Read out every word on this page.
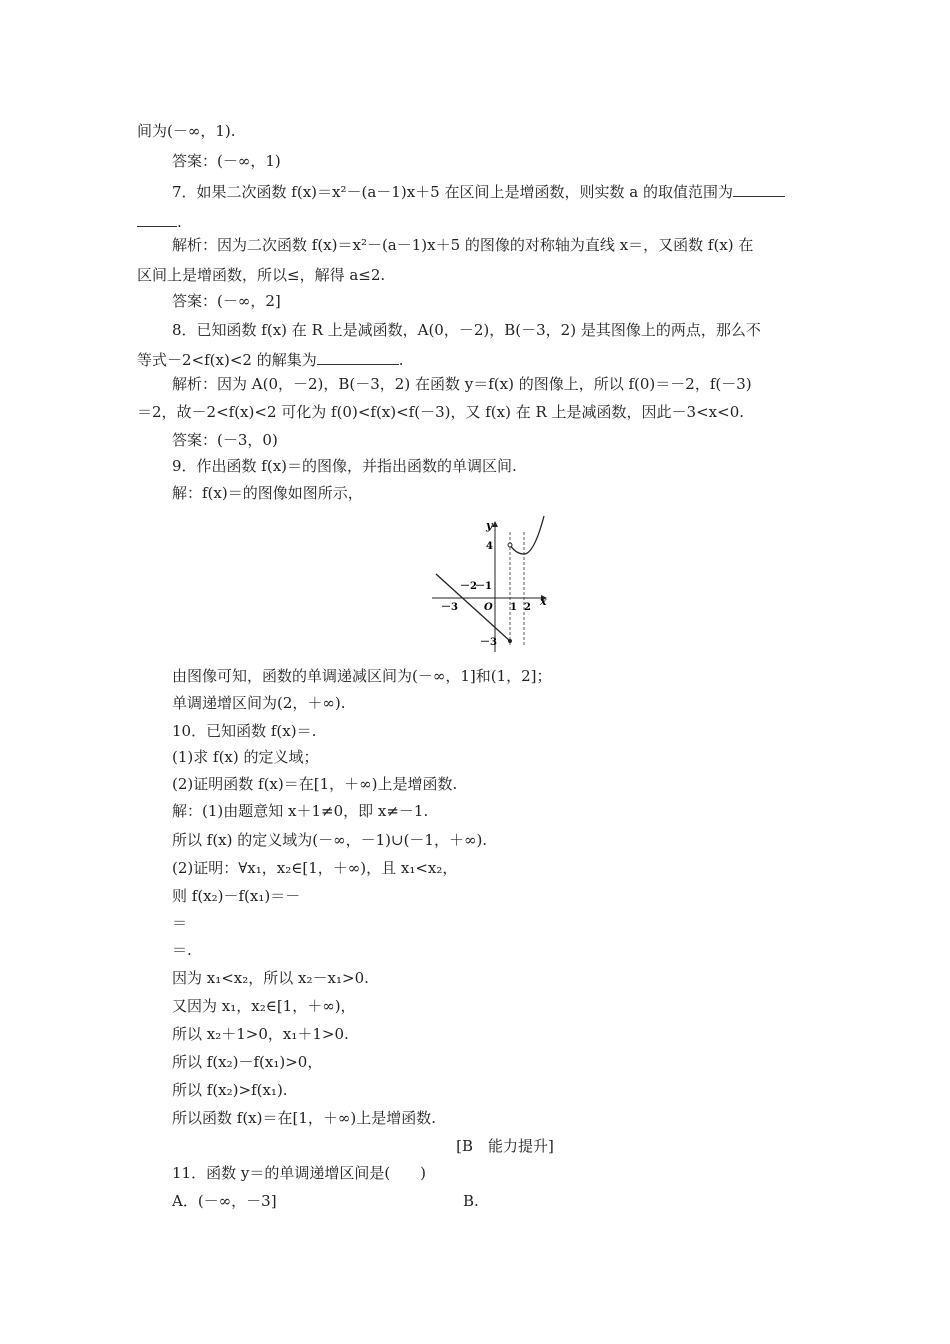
间为(－∞，1).
答案：(－∞，1)
7．如果二次函数 f(x)＝x²－(a－1)x＋5 在区间上是增函数，则实数 a 的取值范围为
.
解析：因为二次函数 f(x)＝x²－(a－1)x＋5 的图像的对称轴为直线 x＝，又函数 f(x) 在
区间上是增函数，所以≤，解得 a≤2.
答案：(－∞，2]
8．已知函数 f(x) 在 R 上是减函数，A(0，－2)，B(－3，2) 是其图像上的两点，那么不
等式－2<f(x)<2 的解集为	.
解析：因为 A(0，－2)，B(－3，2) 在函数 y＝f(x) 的图像上，所以 f(0)＝－2，f(－3)
＝2，故－2<f(x)<2 可化为 f(0)<f(x)<f(－3)，又 f(x) 在 R 上是减函数，因此－3<x<0.
答案：(－3，0)
9．作出函数 f(x)＝的图像，并指出函数的单调区间.
解：f(x)＝的图像如图所示，
y
x
O
4
－3
－3
－2
－1
1 2
由图像可知，函数的单调递减区间为(－∞，1]和(1，2]；
单调递增区间为(2，＋∞).
10．已知函数 f(x)＝.
(1)求 f(x) 的定义域；
(2)证明函数 f(x)＝在[1，＋∞)上是增函数.
解：(1)由题意知 x＋1≠0，即 x≠－1.
所以 f(x) 的定义域为(－∞，－1)∪(－1，＋∞).
(2)证明：∀x₁，x₂∈[1，＋∞)，且 x₁<x₂，
则 f(x₂)－f(x₁)＝－
＝
＝.
因为 x₁<x₂，所以 x₂－x₁>0.
又因为 x₁，x₂∈[1，＋∞)，
所以 x₂＋1>0，x₁＋1>0.
所以 f(x₂)－f(x₁)>0，
所以 f(x₂)>f(x₁).
所以函数 f(x)＝在[1，＋∞)上是增函数.
[B　能力提升]
11．函数 y＝的单调递增区间是(　　)
A．(－∞，－3]	B.
